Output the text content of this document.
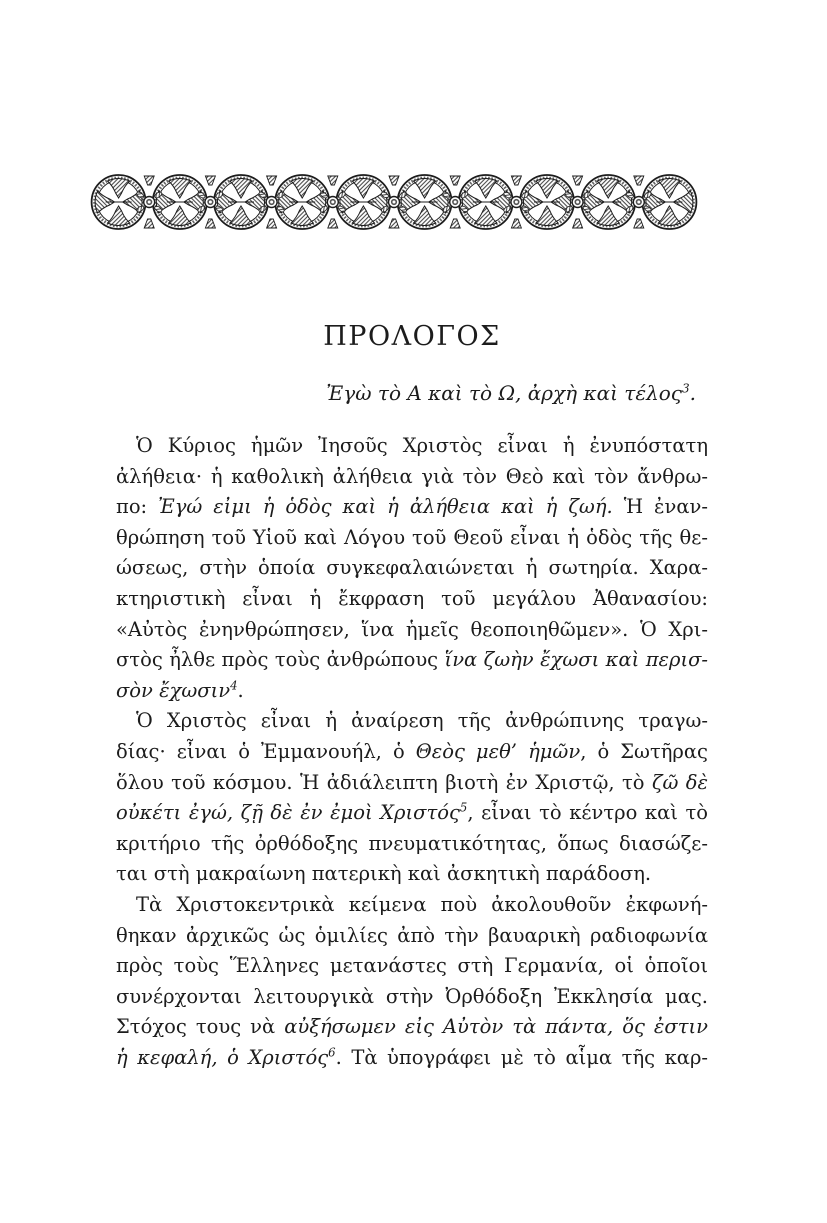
ΠΡΟΛΟΓΟΣ
Ἐγὼ τὸ Α καὶ τὸ Ω, ἀρχὴ καὶ τέλος$^3$.
Ὁ Κύριος ἡμῶν Ἰησοῦς Χριστὸς εἶναι ἡ ἐνυπόστατη
ἀλήθεια· ἡ καθολικὴ ἀλήθεια γιὰ τὸν Θεὸ καὶ τὸν ἄνθρω-
πο: Ἐγώ εἰμι ἡ ὁδὸς καὶ ἡ ἀλήθεια καὶ ἡ ζωή. Ἡ ἐναν-
θρώπηση τοῦ Υἱοῦ καὶ Λόγου τοῦ Θεοῦ εἶναι ἡ ὁδὸς τῆς θε-
ώσεως, στὴν ὁποία συγκεφαλαιώνεται ἡ σωτηρία. Χαρα-
κτηριστικὴ εἶναι ἡ ἔκφραση τοῦ μεγάλου Ἀθανασίου:
«Αὐτὸς ἐνηνθρώπησεν, ἵνα ἡμεῖς θεοποιηθῶμεν». Ὁ Χρι-
στὸς ἦλθε πρὸς τοὺς ἀνθρώπους ἵνα ζωὴν ἔχωσι καὶ περισ-
σὸν ἔχωσιν$^4$.
Ὁ Χριστὸς εἶναι ἡ ἀναίρεση τῆς ἀνθρώπινης τραγω-
δίας· εἶναι ὁ Ἐμμανουήλ, ὁ Θεὸς μεθ’ ἡμῶν, ὁ Σωτῆρας
ὅλου τοῦ κόσμου. Ἡ ἀδιάλειπτη βιοτὴ ἐν Χριστῷ, τὸ ζῶ δὲ
οὐκέτι ἐγώ, ζῇ δὲ ἐν ἐμοὶ Χριστός$^5$, εἶναι τὸ κέντρο καὶ τὸ
κριτήριο τῆς ὀρθόδοξης πνευματικότητας, ὅπως διασώζε-
ται στὴ μακραίωνη πατερικὴ καὶ ἀσκητικὴ παράδοση.
Τὰ Χριστοκεντρικὰ κείμενα ποὺ ἀκολουθοῦν ἐκφωνή-
θηκαν ἀρχικῶς ὡς ὁμιλίες ἀπὸ τὴν βαυαρικὴ ραδιοφωνία
πρὸς τοὺς Ἕλληνες μετανάστες στὴ Γερμανία, οἱ ὁποῖοι
συνέρχονται λειτουργικὰ στὴν Ὀρθόδοξη Ἐκκλησία μας.
Στόχος τους νὰ αὐξήσωμεν εἰς Αὐτὸν τὰ πάντα, ὅς ἐστιν
ἡ κεφαλή, ὁ Χριστός$^6$. Τὰ ὑπογράφει μὲ τὸ αἷμα τῆς καρ-
